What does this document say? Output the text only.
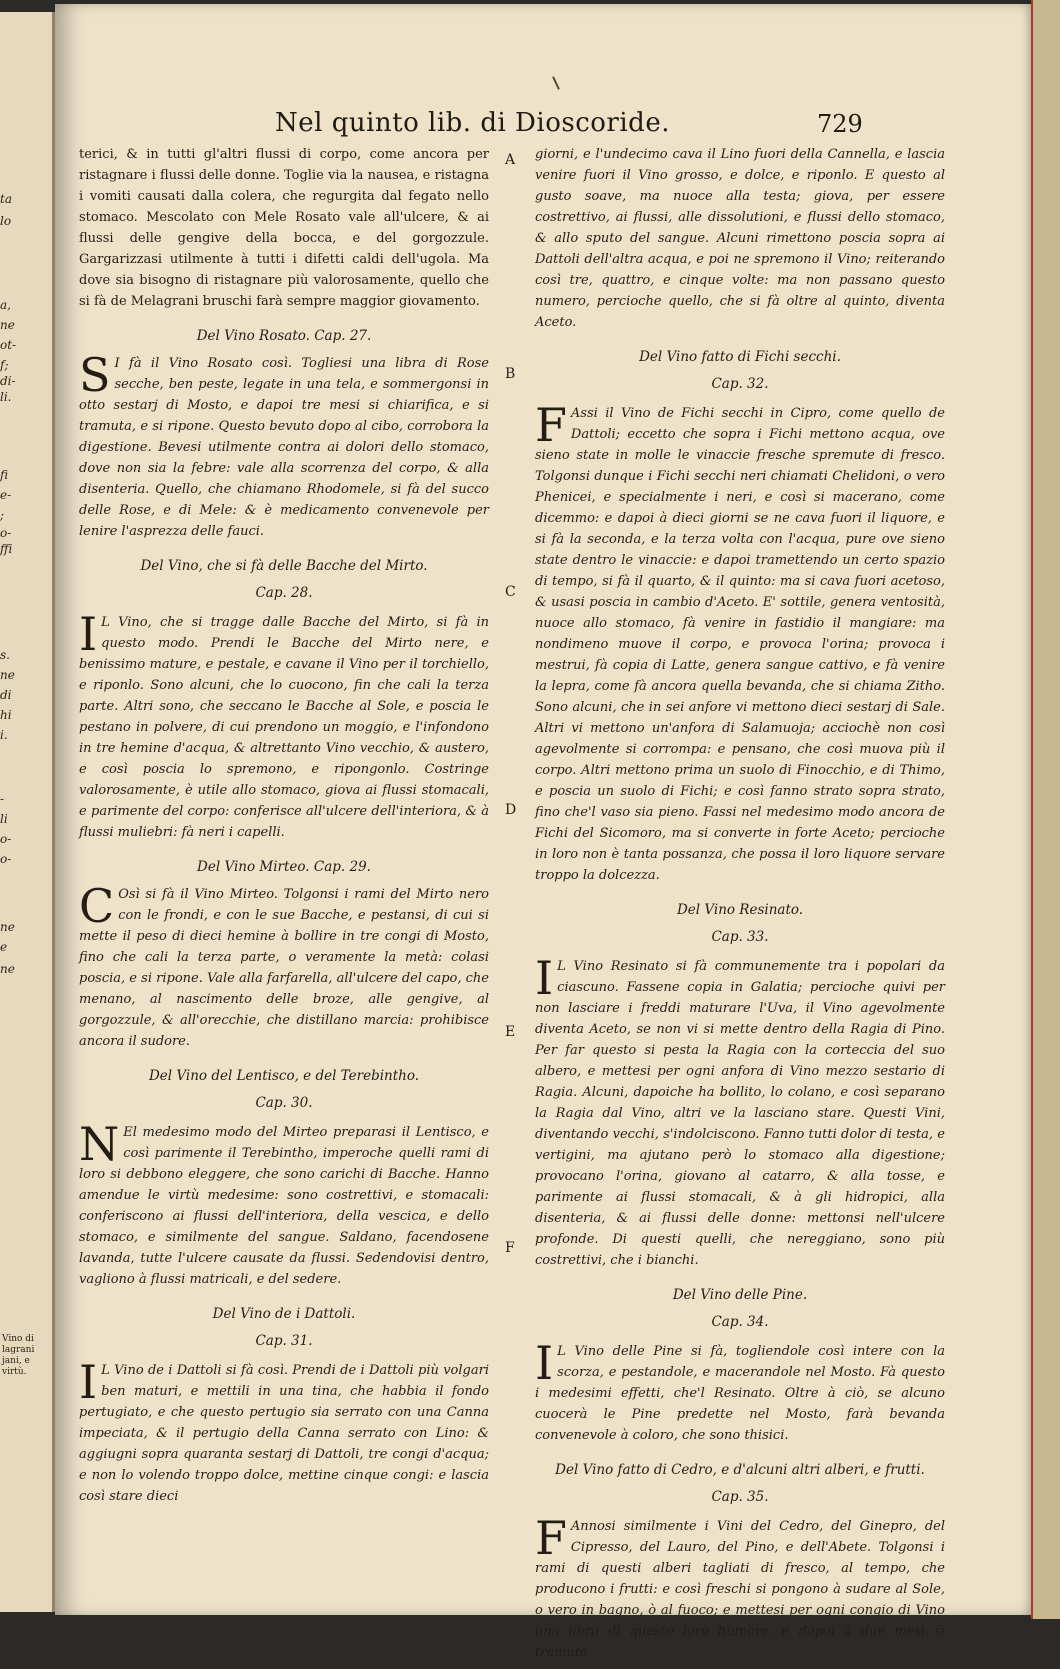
ta
lo
a,
ne
ot-
f;
di-
li.
fi
e-
;
o-
ffi
s.
ne
di
hi
i.
-
li
o-
o-
ne
e
ne
Vino di lagrani jani, e virtù.
Nel quinto lib. di Dioscoride.	729
A
B
C
D
E
F

terici, & in tutti gl'altri flussi di corpo, come ancora per ristagnare i flussi delle donne. Toglie via la nausea, e ristagna i vomiti causati dalla colera, che regurgita dal fegato nello stomaco. Mescolato con Mele Rosato vale all'ulcere, & ai flussi delle gengive della bocca, e del gorgozzule. Gargarizzasi utilmente à tutti i difetti caldi dell'ugola. Ma dove sia bisogno di ristagnare più valorosamente, quello che si fà de Melagrani bruschi farà sempre maggior giovamento.

Del Vino Rosato. Cap. 27.

S I fà il Vino Rosato così. Togliesi una libra di Rose secche, ben peste, legate in una tela, e sommergonsi in otto sestarj di Mosto, e dapoi tre mesi si chiarifica, e si tramuta, e si ripone. Questo bevuto dopo al cibo, corrobora la digestione. Bevesi utilmente contra ai dolori dello stomaco, dove non sia la febre: vale alla scorrenza del corpo, & alla disenteria. Quello, che chiamano Rhodomele, si fà del succo delle Rose, e di Mele: & è medicamento convenevole per lenire l'asprezza delle fauci.

Del Vino, che si fà delle Bacche del Mirto.
Cap. 28.

I L Vino, che si tragge dalle Bacche del Mirto, si fà in questo modo. Prendi le Bacche del Mirto nere, e benissimo mature, e pestale, e cavane il Vino per il torchiello, e riponlo. Sono alcuni, che lo cuocono, fin che cali la terza parte. Altri sono, che seccano le Bacche al Sole, e poscia le pestano in polvere, di cui prendono un moggio, e l'infondono in tre hemine d'acqua, & altrettanto Vino vecchio, & austero, e così poscia lo spremono, e ripongonlo. Costringe valorosamente, è utile allo stomaco, giova ai flussi stomacali, e parimente del corpo: conferisce all'ulcere dell'interiora, & à flussi muliebri: fà neri i capelli.

Del Vino Mirteo. Cap. 29.

C Osì si fà il Vino Mirteo. Tolgonsi i rami del Mirto nero con le frondi, e con le sue Bacche, e pestansi, di cui si mette il peso di dieci hemine à bollire in tre congi di Mosto, fino che cali la terza parte, o veramente la metà: colasi poscia, e si ripone. Vale alla farfarella, all'ulcere del capo, che menano, al nascimento delle broze, alle gengive, al gorgozzule, & all'orecchie, che distillano marcia: prohibisce ancora il sudore.

Del Vino del Lentisco, e del Terebintho.
Cap. 30.

N El medesimo modo del Mirteo preparasi il Lentisco, e così parimente il Terebintho, imperoche quelli rami di loro si debbono eleggere, che sono carichi di Bacche. Hanno amendue le virtù medesime: sono costrettivi, e stomacali: conferiscono ai flussi dell'interiora, della vescica, e dello stomaco, e similmente del sangue. Saldano, facendosene lavanda, tutte l'ulcere causate da flussi. Sedendovisi dentro, vagliono à flussi matricali, e del sedere.

Del Vino de i Dattoli.
Cap. 31.

I L Vino de i Dattoli si fà così. Prendi de i Dattoli più volgari ben maturi, e mettili in una tina, che habbia il fondo pertugiato, e che questo pertugio sia serrato con una Canna impeciata, & il pertugio della Canna serrato con Lino: & aggiugni sopra quaranta sestarj di Dattoli, tre congi d'acqua; e non lo volendo troppo dolce, mettine cinque congi: e lascia così stare dieci

giorni, e l'undecimo cava il Lino fuori della Cannella, e lascia venire fuori il Vino grosso, e dolce, e riponlo. E questo al gusto soave, ma nuoce alla testa; giova, per essere costrettivo, ai flussi, alle dissolutioni, e flussi dello stomaco, & allo sputo del sangue. Alcuni rimettono poscia sopra ai Dattoli dell'altra acqua, e poi ne spremono il Vino; reiterando così tre, quattro, e cinque volte: ma non passano questo numero, percioche quello, che si fà oltre al quinto, diventa Aceto.

Del Vino fatto di Fichi secchi.
Cap. 32.

F Assi il Vino de Fichi secchi in Cipro, come quello de Dattoli; eccetto che sopra i Fichi mettono acqua, ove sieno state in molle le vinaccie fresche spremute di fresco. Tolgonsi dunque i Fichi secchi neri chiamati Chelidoni, o vero Phenicei, e specialmente i neri, e così si macerano, come dicemmo: e dapoi à dieci giorni se ne cava fuori il liquore, e si fà la seconda, e la terza volta con l'acqua, pure ove sieno state dentro le vinaccie: e dapoi tramettendo un certo spazio di tempo, si fà il quarto, & il quinto: ma si cava fuori acetoso, & usasi poscia in cambio d'Aceto. E' sottile, genera ventosità, nuoce allo stomaco, fà venire in fastidio il mangiare: ma nondimeno muove il corpo, e provoca l'orina; provoca i mestrui, fà copia di Latte, genera sangue cattivo, e fà venire la lepra, come fà ancora quella bevanda, che si chiama Zitho. Sono alcuni, che in sei anfore vi mettono dieci sestarj di Sale. Altri vi mettono un'anfora di Salamuoja; acciochè non così agevolmente si corrompa: e pensano, che così muova più il corpo. Altri mettono prima un suolo di Finocchio, e di Thimo, e poscia un suolo di Fichi; e così fanno strato sopra strato, fino che'l vaso sia pieno. Fassi nel medesimo modo ancora de Fichi del Sicomoro, ma si converte in forte Aceto; percioche in loro non è tanta possanza, che possa il loro liquore servare troppo la dolcezza.

Del Vino Resinato.
Cap. 33.

I L Vino Resinato si fà communemente tra i popolari da ciascuno. Fassene copia in Galatia; percioche quivi per non lasciare i freddi maturare l'Uva, il Vino agevolmente diventa Aceto, se non vi si mette dentro della Ragia di Pino. Per far questo si pesta la Ragia con la corteccia del suo albero, e mettesi per ogni anfora di Vino mezzo sestario di Ragia. Alcuni, dapoiche ha bollito, lo colano, e così separano la Ragia dal Vino, altri ve la lasciano stare. Questi Vini, diventando vecchi, s'indolciscono. Fanno tutti dolor di testa, e vertigini, ma ajutano però lo stomaco alla digestione; provocano l'orina, giovano al catarro, & alla tosse, e parimente ai flussi stomacali, & à gli hidropici, alla disenteria, & ai flussi delle donne: mettonsi nell'ulcere profonde. Di questi quelli, che nereggiano, sono più costrettivi, che i bianchi.

Del Vino delle Pine.
Cap. 34.

I L Vino delle Pine si fà, togliendole così intere con la scorza, e pestandole, e macerandole nel Mosto. Fà questo i medesimi effetti, che'l Resinato. Oltre à ciò, se alcuno cuocerà le Pine predette nel Mosto, farà bevanda convenevole à coloro, che sono thisici.

Del Vino fatto di Cedro, e d'alcuni altri alberi, e frutti.
Cap. 35.

F Annosi similmente i Vini del Cedro, del Ginepro, del Cipresso, del Lauro, del Pino, e dell'Abete. Tolgonsi i rami di questi alberi tagliati di fresco, al tempo, che producono i frutti: e così freschi si pongono à sudare al Sole, o vero in bagno, ò al fuoco; e mettesi per ogni congio di Vino una libra di questo loro humore, e dapoi à due mesi si tramuta
